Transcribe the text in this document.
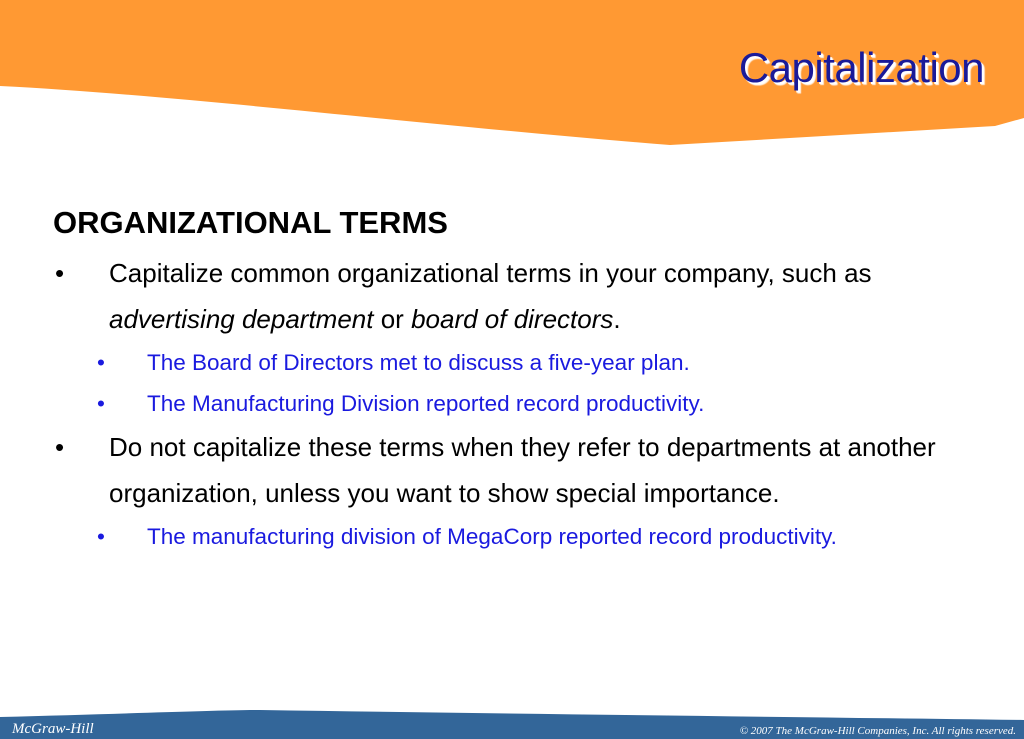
Capitalization
ORGANIZATIONAL TERMS
• Capitalize common organizational terms in your company, such as advertising department or board of directors.
• The Board of Directors met to discuss a five-year plan.
• The Manufacturing Division reported record productivity.
• Do not capitalize these terms when they refer to departments at another organization, unless you want to show special importance.
• The manufacturing division of MegaCorp reported record productivity.
McGraw-Hill	© 2007 The McGraw-Hill Companies, Inc. All rights reserved.
